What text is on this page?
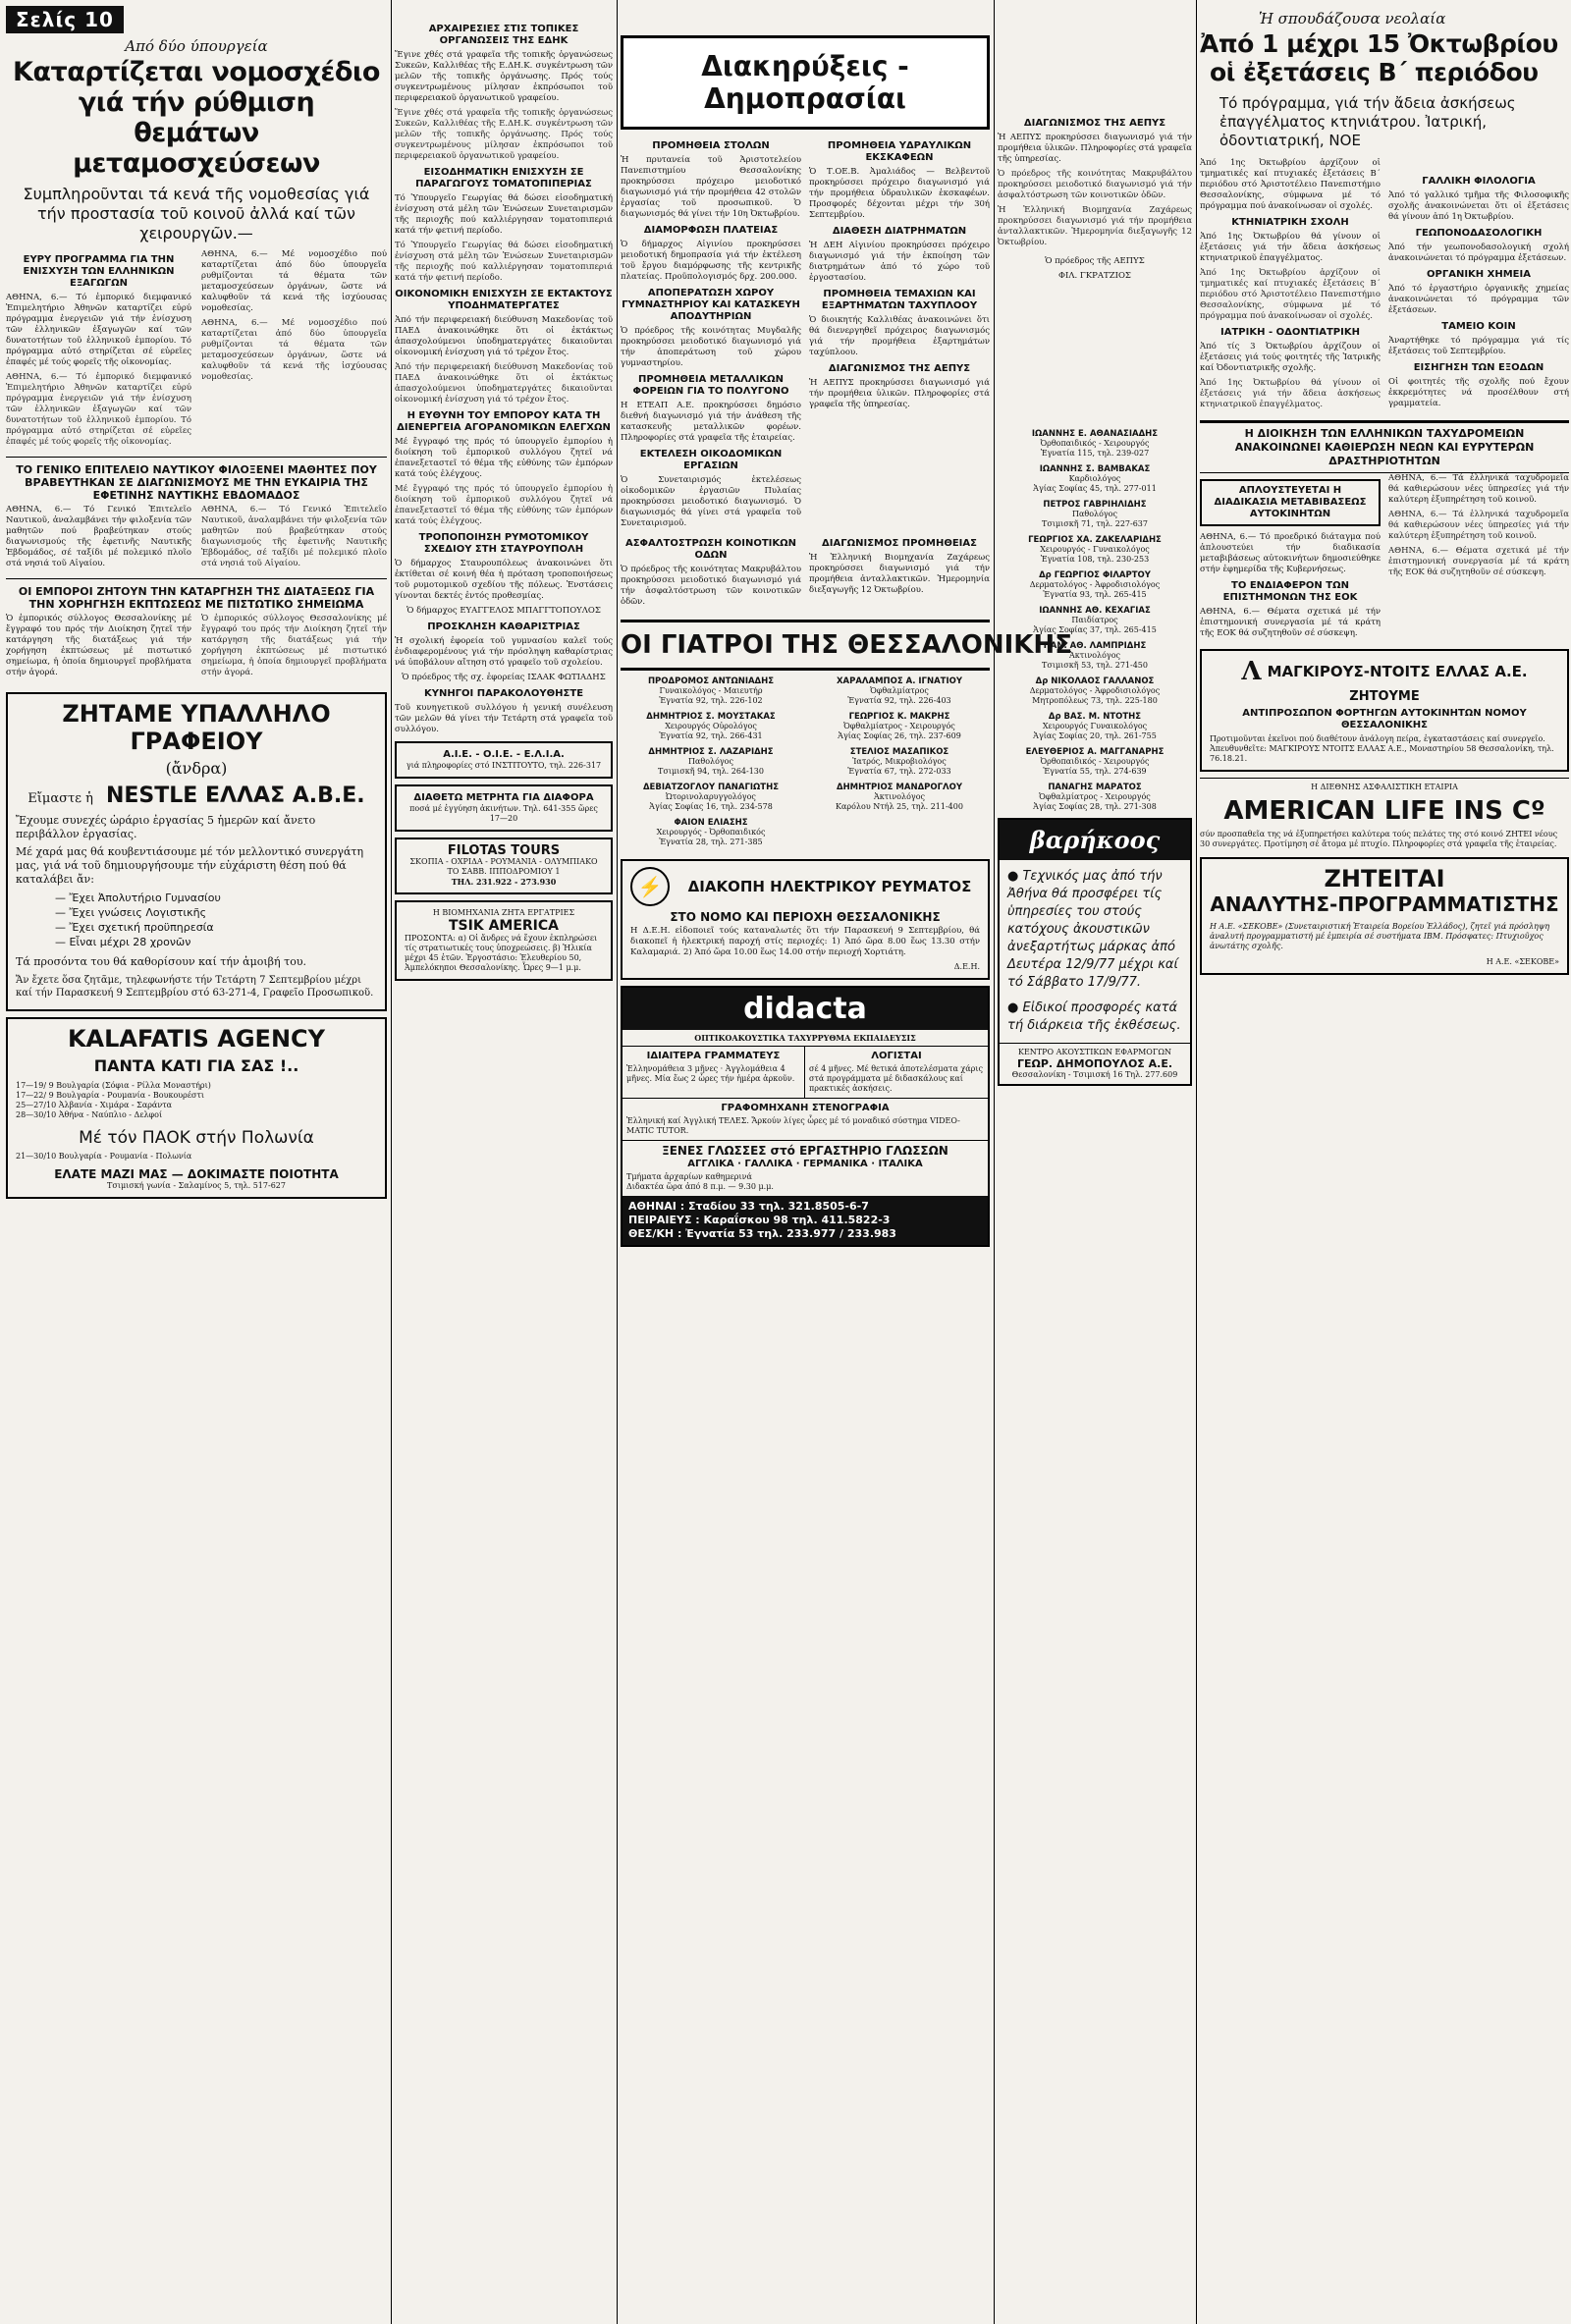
Σελίς 10
Από δύο ύπουργεία
Καταρτίζεται νομοσχέδιο
γιά τήν ρύθμιση
θεμάτων μεταμοσχεύσεων
Συμπληροῦνται τά κενά τῆς νομοθεσίας γιά τήν προστασία τοῦ κοινοῦ ἀλλά καί τῶν χειρουργῶν.—
ΕΥΡΥ ΠΡΟΓΡΑΜΜΑ ΓΙΑ ΤΗΝ ΕΝΙΣΧΥΣΗ ΤΩΝ ΕΛΛΗΝΙΚΩΝ ΕΞΑΓΩΓΩΝ

ΑΘΗΝΑ, 6.— Τό ἐμπορικό διεμφανικό Ἐπιμελητήριο Ἀθηνῶν καταρτίζει εὐρύ πρόγραμμα ἐνεργειῶν γιά τήν ἐνίσχυση τῶν ἐλληνικῶν ἐξαγωγῶν καί τῶν δυνατοτήτων τοῦ ἑλληνικοῦ ἐμπορίου. Τό πρόγραμμα αὐτό στηρίζεται σέ εὐρεῖες ἐπαφές μέ τούς φορεῖς τῆς οἰκονομίας.

ΑΘΗΝΑ, 6.— Τό ἐμπορικό διεμφανικό Ἐπιμελητήριο Ἀθηνῶν καταρτίζει εὐρύ πρόγραμμα ἐνεργειῶν γιά τήν ἐνίσχυση τῶν ἐλληνικῶν ἐξαγωγῶν καί τῶν δυνατοτήτων τοῦ ἑλληνικοῦ ἐμπορίου. Τό πρόγραμμα αὐτό στηρίζεται σέ εὐρεῖες ἐπαφές μέ τούς φορεῖς τῆς οἰκονομίας.

ΑΘΗΝΑ, 6.— Μέ νομοσχέδιο πού καταρτίζεται ἀπό δύο ὑπουργεῖα ρυθμίζονται τά θέματα τῶν μεταμοσχεύσεων ὀργάνων, ὥστε νά καλυφθοῦν τά κενά τῆς ἰσχύουσας νομοθεσίας.

ΑΘΗΝΑ, 6.— Μέ νομοσχέδιο πού καταρτίζεται ἀπό δύο ὑπουργεῖα ρυθμίζονται τά θέματα τῶν μεταμοσχεύσεων ὀργάνων, ὥστε νά καλυφθοῦν τά κενά τῆς ἰσχύουσας νομοθεσίας.

ΤΟ ΓΕΝΙΚΟ ΕΠΙΤΕΛΕΙΟ ΝΑΥΤΙΚΟΥ ΦΙΛΟΞΕΝΕΙ ΜΑΘΗΤΕΣ ΠΟΥ ΒΡΑΒΕΥΤΗΚΑΝ ΣΕ ΔΙΑΓΩΝΙΣΜΟΥΣ ΜΕ ΤΗΝ ΕΥΚΑΙΡΙΑ ΤΗΣ ΕΦΕΤΙΝΗΣ ΝΑΥΤΙΚΗΣ ΕΒΔΟΜΑΔΟΣ

ΑΘΗΝΑ, 6.— Τό Γενικό Ἐπιτελεῖο Ναυτικοῦ, ἀναλαμβάνει τήν φιλοξενία τῶν μαθητῶν πού βραβεύτηκαν στούς διαγωνισμούς τῆς ἐφετινῆς Ναυτικῆς Ἑβδομάδος, σέ ταξίδι μέ πολεμικό πλοῖο στά νησιά τοῦ Αἰγαίου.

ΑΘΗΝΑ, 6.— Τό Γενικό Ἐπιτελεῖο Ναυτικοῦ, ἀναλαμβάνει τήν φιλοξενία τῶν μαθητῶν πού βραβεύτηκαν στούς διαγωνισμούς τῆς ἐφετινῆς Ναυτικῆς Ἑβδομάδος, σέ ταξίδι μέ πολεμικό πλοῖο στά νησιά τοῦ Αἰγαίου.

ΟΙ ΕΜΠΟΡΟΙ ΖΗΤΟΥΝ ΤΗΝ ΚΑΤΑΡΓΗΣΗ ΤΗΣ ΔΙΑΤΑΞΕΩΣ ΓΙΑ ΤΗΝ ΧΟΡΗΓΗΣΗ ΕΚΠΤΩΣΕΩΣ ΜΕ ΠΙΣΤΩΤΙΚΟ ΣΗΜΕΙΩΜΑ

Ὁ ἐμπορικός σύλλογος Θεσσαλονίκης μέ ἔγγραφό του πρός τήν Διοίκηση ζητεῖ τήν κατάργηση τῆς διατάξεως γιά τήν χορήγηση ἐκπτώσεως μέ πιστωτικό σημείωμα, ἡ ὁποία δημιουργεῖ προβλήματα στήν ἀγορά.

Ὁ ἐμπορικός σύλλογος Θεσσαλονίκης μέ ἔγγραφό του πρός τήν Διοίκηση ζητεῖ τήν κατάργηση τῆς διατάξεως γιά τήν χορήγηση ἐκπτώσεως μέ πιστωτικό σημείωμα, ἡ ὁποία δημιουργεῖ προβλήματα στήν ἀγορά.

ΖΗΤΑΜΕ ΥΠΑΛΛΗΛΟ ΓΡΑΦΕΙΟΥ
(ἄνδρα)
Εἴμαστε ἡ NESTLE ΕΛΛΑΣ Α.Β.Ε.

Ἔχουμε συνεχές ὡράριο ἐργασίας 5 ἡμερῶν καί ἄνετο περιβάλλον ἐργασίας.

Μέ χαρά μας θά κουβεντιάσουμε μέ τόν μελλοντικό συνεργάτη μας, γιά νά τοῦ δημιουργήσουμε τήν εὐχάριστη θέση πού θά καταλάβει ἄν:

— Ἔχει Ἀπολυτήριο Γυμνασίου
— Ἔχει γνώσεις Λογιστικῆς
— Ἔχει σχετική προϋπηρεσία
— Εἶναι μέχρι 28 χρονῶν

Τά προσόντα του θά καθορίσουν καί τήν ἀμοιβή του.

Ἄν ἔχετε ὅσα ζητᾶμε, τηλεφωνήστε τήν Τετάρτη 7 Σεπτεμβρίου μέχρι καί τήν Παρασκευή 9 Σεπτεμβρίου στό 63-271-4, Γραφεῖο Προσωπικοῦ.

KALAFATIS AGENCY
ΠΑΝΤΑ ΚΑΤΙ ΓΙΑ ΣΑΣ !..
17—19/ 9 Βουλγαρία (Σόφια - Ρίλλα Μοναστήρι)
17—22/ 9 Βουλγαρία - Ρουμανία - Βουκουρέστι
25—27/10 Ἀλβανία - Χιμάρα - Σαράντα
28—30/10 Ἀθήνα - Ναύπλιο - Δελφοί
Μέ τόν ΠΑΟΚ στήν Πολωνία
21—30/10 Βουλγαρία - Ρουμανία - Πολωνία
ΕΛΑΤΕ ΜΑΖΙ ΜΑΣ — ΔΟΚΙΜΑΣΤΕ ΠΟΙΟΤΗΤΑ
Τσιμισκή γωνία - Σαλαμίνος 5, τηλ. 517-627
ΑΡΧΑΙΡΕΣΙΕΣ ΣΤΙΣ ΤΟΠΙΚΕΣ ΟΡΓΑΝΩΣΕΙΣ ΤΗΣ ΕΔΗΚ

Ἔγινε χθές στά γραφεῖα τῆς τοπικῆς ὀργανώσεως Συκεῶν, Καλλιθέας τῆς Ε.ΔΗ.Κ. συγκέντρωση τῶν μελῶν τῆς τοπικῆς ὀργάνωσης. Πρός τούς συγκεντρωμένους μίλησαν ἐκπρόσωποι τοῦ περιφερειακοῦ ὀργανωτικοῦ γραφείου.

Ἔγινε χθές στά γραφεῖα τῆς τοπικῆς ὀργανώσεως Συκεῶν, Καλλιθέας τῆς Ε.ΔΗ.Κ. συγκέντρωση τῶν μελῶν τῆς τοπικῆς ὀργάνωσης. Πρός τούς συγκεντρωμένους μίλησαν ἐκπρόσωποι τοῦ περιφερειακοῦ ὀργανωτικοῦ γραφείου.

ΕΙΣΟΔΗΜΑΤΙΚΗ ΕΝΙΣΧΥΣΗ ΣΕ ΠΑΡΑΓΩΓΟΥΣ ΤΟΜΑΤΟΠΙΠΕΡΙΑΣ

Τό Ὑπουργεῖο Γεωργίας θά δώσει εἰσοδηματική ἐνίσχυση στά μέλη τῶν Ἑνώσεων Συνεταιρισμῶν τῆς περιοχῆς πού καλλιέργησαν τοματοπιπεριά κατά τήν φετινή περίοδο.

Τό Ὑπουργεῖο Γεωργίας θά δώσει εἰσοδηματική ἐνίσχυση στά μέλη τῶν Ἑνώσεων Συνεταιρισμῶν τῆς περιοχῆς πού καλλιέργησαν τοματοπιπεριά κατά τήν φετινή περίοδο.

ΟΙΚΟΝΟΜΙΚΗ ΕΝΙΣΧΥΣΗ ΣΕ ΕΚΤΑΚΤΟΥΣ ΥΠΟΔΗΜΑΤΕΡΓΑΤΕΣ

Ἀπό τήν περιφερειακή διεύθυνση Μακεδονίας τοῦ ΠΑΕΔ ἀνακοινώθηκε ὅτι οἱ ἐκτάκτως ἀπασχολούμενοι ὑποδηματεργάτες δικαιοῦνται οἰκονομική ἐνίσχυση γιά τό τρέχον ἔτος.

Ἀπό τήν περιφερειακή διεύθυνση Μακεδονίας τοῦ ΠΑΕΔ ἀνακοινώθηκε ὅτι οἱ ἐκτάκτως ἀπασχολούμενοι ὑποδηματεργάτες δικαιοῦνται οἰκονομική ἐνίσχυση γιά τό τρέχον ἔτος.

Η ΕΥΘΥΝΗ ΤΟΥ ΕΜΠΟΡΟΥ ΚΑΤΑ ΤΗ ΔΙΕΝΕΡΓΕΙΑ ΑΓΟΡΑΝΟΜΙΚΩΝ ΕΛΕΓΧΩΝ

Μέ ἔγγραφό της πρός τό ὑπουργεῖο ἐμπορίου ἡ διοίκηση τοῦ ἐμπορικοῦ συλλόγου ζητεῖ νά ἐπανεξεταστεῖ τό θέμα τῆς εὐθύνης τῶν ἐμπόρων κατά τούς ἐλέγχους.

Μέ ἔγγραφό της πρός τό ὑπουργεῖο ἐμπορίου ἡ διοίκηση τοῦ ἐμπορικοῦ συλλόγου ζητεῖ νά ἐπανεξεταστεῖ τό θέμα τῆς εὐθύνης τῶν ἐμπόρων κατά τούς ἐλέγχους.

ΤΡΟΠΟΠΟΙΗΣΗ ΡΥΜΟΤΟΜΙΚΟΥ ΣΧΕΔΙΟΥ ΣΤΗ ΣΤΑΥΡΟΥΠΟΛΗ

Ὁ δήμαρχος Σταυρουπόλεως ἀνακοινώνει ὅτι ἐκτίθεται σέ κοινή θέα ἡ πρόταση τροποποιήσεως τοῦ ρυμοτομικοῦ σχεδίου τῆς πόλεως. Ἐνστάσεις γίνονται δεκτές ἐντός προθεσμίας.

Ὁ δήμαρχος ΕΥΑΓΓΕΛΟΣ ΜΠΑΓΓΤΟΠΟΥΛΟΣ

ΠΡΟΣΚΛΗΣΗ ΚΑΘΑΡΙΣΤΡΙΑΣ

Ἡ σχολική ἐφορεία τοῦ γυμνασίου καλεῖ τούς ἐνδιαφερομένους γιά τήν πρόσληψη καθαρίστριας νά ὑποβάλουν αἴτηση στό γραφεῖο τοῦ σχολείου.

Ὁ πρόεδρος τῆς σχ. ἐφορείας ΙΣΑΑΚ ΦΩΤΙΑΔΗΣ

ΚΥΝΗΓΟΙ ΠΑΡΑΚΟΛΟΥΘΗΣΤΕ

Τοῦ κυνηγετικοῦ συλλόγου ἡ γενική συνέλευση τῶν μελῶν θά γίνει τήν Τετάρτη στά γραφεῖα τοῦ συλλόγου.

Α.Ι.Ε. - Ο.Ι.Ε. - Ε.Λ.Ι.Α.
γιά πληροφορίες στό ΙΝΣΤΙΤΟΥΤΟ, τηλ. 226-317
ΔΙΑΘΕΤΩ ΜΕΤΡΗΤΑ ΓΙΑ ΔΙΑΦΟΡΑ
ποσά μέ ἐγγύηση ἀκινήτων. Τηλ. 641-355 ὥρες 17—20
FILOTAS TOURS
ΣΚΟΠΙΑ - ΟΧΡΙΔΑ - ΡΟΥΜΑΝΙΑ - ΟΛΥΜΠΙΑΚΟ ΤΟ ΣΑΒΒ. ΙΠΠΟΔΡΟΜΙΟΥ 1
ΤΗΛ. 231.922 - 273.930
Η ΒΙΟΜΗΧΑΝΙΑ ΖΗΤΑ ΕΡΓΑΤΡΙΕΣ
TSIK AMERICA
ΠΡΟΣΟΝΤΑ: α) Οἱ ἄνδρες νά ἔχουν ἐκπληρώσει τίς στρατιωτικές τους ὑποχρεώσεις. β) Ἡλικία μέχρι 45 ἐτῶν. Ἐργοστάσιο: Ἐλευθερίου 50, Ἀμπελόκηποι Θεσσαλονίκης. Ὧρες 9—1 μ.μ.
Διακηρύξεις - Δημοπρασίαι
ΠΡΟΜΗΘΕΙΑ ΣΤΟΛΩΝ

Ἡ πρυτανεία τοῦ Ἀριστοτελείου Πανεπιστημίου Θεσσαλονίκης προκηρύσσει πρόχειρο μειοδοτικό διαγωνισμό γιά τήν προμήθεια 42 στολῶν ἐργασίας τοῦ προσωπικοῦ. Ὁ διαγωνισμός θά γίνει τήν 10η Ὀκτωβρίου.

ΔΙΑΜΟΡΦΩΣΗ ΠΛΑΤΕΙΑΣ

Ὁ δήμαρχος Αἰγινίου προκηρύσσει μειοδοτική δημοπρασία γιά τήν ἐκτέλεση τοῦ ἔργου διαμόρφωσης τῆς κεντρικῆς πλατείας. Προϋπολογισμός δρχ. 200.000.

ΑΠΟΠΕΡΑΤΩΣΗ ΧΩΡΟΥ ΓΥΜΝΑΣΤΗΡΙΟΥ ΚΑΙ ΚΑΤΑΣΚΕΥΗ ΑΠΟΔΥΤΗΡΙΩΝ

Ὁ πρόεδρος τῆς κοινότητας Μυγδαλῆς προκηρύσσει μειοδοτικό διαγωνισμό γιά τήν ἀποπεράτωση τοῦ χώρου γυμναστηρίου.

ΠΡΟΜΗΘΕΙΑ ΜΕΤΑΛΛΙΚΩΝ ΦΟΡΕΙΩΝ ΓΙΑ ΤΟ ΠΟΛΥΓΟΝΟ

Η ΕΤΕΑΠ Α.Ε. προκηρύσσει δημόσιο διεθνή διαγωνισμό γιά τήν ἀνάθεση τῆς κατασκευῆς μεταλλικῶν φορέων. Πληροφορίες στά γραφεῖα τῆς ἑταιρείας.

ΕΚΤΕΛΕΣΗ ΟΙΚΟΔΟΜΙΚΩΝ ΕΡΓΑΣΙΩΝ

Ὁ Συνεταιρισμός ἐκτελέσεως οἰκοδομικῶν ἐργασιῶν Πυλαίας προκηρύσσει μειοδοτικό διαγωνισμό. Ὁ διαγωνισμός θά γίνει στά γραφεῖα τοῦ Συνεταιρισμοῦ.

ΠΡΟΜΗΘΕΙΑ ΥΔΡΑΥΛΙΚΩΝ ΕΚΣΚΑΦΕΩΝ

Ὁ Τ.ΟΕ.Β. Ἀμαλιάδος — Βελβεντοῦ προκηρύσσει πρόχειρο διαγωνισμό γιά τήν προμήθεια ὑδραυλικῶν ἐκσκαφέων. Προσφορές δέχονται μέχρι τήν 30ή Σεπτεμβρίου.

ΔΙΑΘΕΣΗ ΔΙΑΤΡΗΜΑΤΩΝ

Ἡ ΔΕΗ Αἰγινίου προκηρύσσει πρόχειρο διαγωνισμό γιά τήν ἐκποίηση τῶν διατρημάτων ἀπό τό χώρο τοῦ ἐργοστασίου.

ΠΡΟΜΗΘΕΙΑ ΤΕΜΑΧΙΩΝ ΚΑΙ ΕΞΑΡΤΗΜΑΤΩΝ ΤΑΧΥΠΛΟΟΥ

Ὁ διοικητής Καλλιθέας ἀνακοινώνει ὅτι θά διενεργηθεῖ πρόχειρος διαγωνισμός γιά τήν προμήθεια ἐξαρτημάτων ταχύπλοου.

ΔΙΑΓΩΝΙΣΜΟΣ ΤΗΣ ΑΕΠΥΣ

Ἡ ΑΕΠΥΣ προκηρύσσει διαγωνισμό γιά τήν προμήθεια ὑλικῶν. Πληροφορίες στά γραφεῖα τῆς ὑπηρεσίας.

ΑΣΦΑΛΤΟΣΤΡΩΣΗ ΚΟΙΝΟΤΙΚΩΝ ΟΔΩΝ

Ὁ πρόεδρος τῆς κοινότητας Μακρυβάλτου προκηρύσσει μειοδοτικό διαγωνισμό γιά τήν ἀσφαλτόστρωση τῶν κοινοτικῶν ὁδῶν.

ΔΙΑΓΩΝΙΣΜΟΣ ΠΡΟΜΗΘΕΙΑΣ

Ἡ Ἑλληνική Βιομηχανία Ζαχάρεως προκηρύσσει διαγωνισμό γιά τήν προμήθεια ἀνταλλακτικῶν. Ἡμερομηνία διεξαγωγῆς 12 Ὀκτωβρίου.

ΟΙ ΓΙΑΤΡΟΙ ΤΗΣ ΘΕΣΣΑΛΟΝΙΚΗΣ
ΠΡΟΔΡΟΜΟΣ ΑΝΤΩΝΙΑΔΗΣ
Γυναικολόγος - Μαιευτήρ
Ἐγνατία 92, τηλ. 226-102
ΔΗΜΗΤΡΙΟΣ Σ. ΜΟΥΣΤΑΚΑΣ
Χειρουργός Οὐρολόγος
Ἐγνατία 92, τηλ. 266-431
ΔΗΜΗΤΡΙΟΣ Σ. ΛΑΖΑΡΙΔΗΣ
Παθολόγος
Τσιμισκῆ 94, τηλ. 264-130
ΔΕΒΙΑΤΖΟΓΛΟΥ ΠΑΝΑΓΙΩΤΗΣ
Ὠτορινολαρυγγολόγος
Ἀγίας Σοφίας 16, τηλ. 234-578
ΦΑΙΟΝ ΕΛΙΑΣΗΣ
Χειρουργός - Ὀρθοπαιδικός
Ἐγνατία 28, τηλ. 271-385
ΧΑΡΑΛΑΜΠΟΣ Α. ΙΓΝΑΤΙΟΥ
Ὀφθαλμίατρος
Ἐγνατία 92, τηλ. 226-403
ΓΕΩΡΓΙΟΣ Κ. ΜΑΚΡΗΣ
Ὀφθαλμίατρος - Χειρουργός
Ἀγίας Σοφίας 26, τηλ. 237-609
ΣΤΕΛΙΟΣ ΜΑΣΑΠΙΚΟΣ
Ἰατρός, Μικροβιολόγος
Ἐγνατία 67, τηλ. 272-033
ΔΗΜΗΤΡΙΟΣ ΜΑΝΔΡΟΓΛΟΥ
Ἀκτινολόγος
Καρόλου Ντήλ 25, τηλ. 211-400
⚡	ΔΙΑΚΟΠΗ ΗΛΕΚΤΡΙΚΟΥ ΡΕΥΜΑΤΟΣ
ΣΤΟ ΝΟΜΟ ΚΑΙ ΠΕΡΙΟΧΗ ΘΕΣΣΑΛΟΝΙΚΗΣ

Η Δ.Ε.Η. εἰδοποιεῖ τούς καταναλωτές ὅτι τήν Παρασκευή 9 Σεπτεμβρίου, θά διακοπεῖ ἡ ἠλεκτρική παροχή στίς περιοχές: 1) Ἀπό ὥρα 8.00 ἕως 13.30 στήν Καλαμαριά. 2) Ἀπό ὥρα 10.00 ἕως 14.00 στήν περιοχή Χορτιάτη.

Δ.Ε.Η.
didacta
ΟΠΤΙΚΟΑΚΟΥΣΤΙΚΑ ΤΑΧΥΡΡΥΘΜΑ ΕΚΠΑΙΔΕΥΣΙΣ
ΙΔΙΑΙΤΕΡΑ ΓΡΑΜΜΑΤΕΥΣ
Ἑλληνομάθεια 3 μῆνες · Ἀγγλομάθεια 4 μῆνες. Μία ἕως 2 ὧρες τήν ἡμέρα ἀρκοῦν.
ΛΟΓΙΣΤΑΙ
σέ 4 μῆνες. Μέ θετικά ἀποτελέσματα χάρις στά προγράμματα μέ διδασκάλους καί πρακτικές ἀσκήσεις.
ΓΡΑΦΟΜΗΧΑΝΗ ΣΤΕΝΟΓΡΑΦΙΑ
Ἑλληνική καί Ἀγγλική ΤΕΛΕΣ. Ἄρκούν λίγες ὧρες μέ τό μοναδικό σύστημα VIDEO-MATIC TUTOR.
ΞΕΝΕΣ ΓΛΩΣΣΕΣ στό ΕΡΓΑΣΤΗΡΙΟ ΓΛΩΣΣΩΝ
ΑΓΓΛΙΚΑ · ΓΑΛΛΙΚΑ · ΓΕΡΜΑΝΙΚΑ · ΙΤΑΛΙΚΑ
Τμήματα ἀρχαρίων καθημερινά
Διδακτέα ὥρα ἀπό 8 π.μ. — 9.30 μ.μ.
ΑΘΗΝΑΙ : Σταδίου 33 τηλ. 321.8505-6-7
ΠΕΙΡΑΙΕΥΣ : Καραΐσκου 98 τηλ. 411.5822-3
ΘΕΣ/ΚΗ : Ἐγνατία 53 τηλ. 233.977 / 233.983
ΔΙΑΓΩΝΙΣΜΟΣ ΤΗΣ ΑΕΠΥΣ

Ἡ ΑΕΠΥΣ προκηρύσσει διαγωνισμό γιά τήν προμήθεια ὑλικῶν. Πληροφορίες στά γραφεῖα τῆς ὑπηρεσίας.

Ὁ πρόεδρος τῆς κοινότητας Μακρυβάλτου προκηρύσσει μειοδοτικό διαγωνισμό γιά τήν ἀσφαλτόστρωση τῶν κοινοτικῶν ὁδῶν.

Ἡ Ἑλληνική Βιομηχανία Ζαχάρεως προκηρύσσει διαγωνισμό γιά τήν προμήθεια ἀνταλλακτικῶν. Ἡμερομηνία διεξαγωγῆς 12 Ὀκτωβρίου.

Ὁ πρόεδρος τῆς ΑΕΠΥΣ

ΦΙΛ. ΓΚΡΑΤΖΙΟΣ

ΙΩΑΝΝΗΣ Ε. ΑΘΑΝΑΣΙΑΔΗΣ
Ὀρθοπαιδικός - Χειρουργός
Ἐγνατία 115, τηλ. 239-027
ΙΩΑΝΝΗΣ Σ. ΒΑΜΒΑΚΑΣ
Καρδιολόγος
Ἀγίας Σοφίας 45, τηλ. 277-011
ΠΕΤΡΟΣ ΓΑΒΡΙΗΛΙΔΗΣ
Παθολόγος
Τσιμισκῆ 71, τηλ. 227-637
ΓΕΩΡΓΙΟΣ ΧΑ. ΖΑΚΕΛΑΡΙΔΗΣ
Χειρουργός - Γυναικολόγος
Ἐγνατία 108, τηλ. 230-253
Δρ ΓΕΩΡΓΙΟΣ ΦΙΛΑΡΤΟΥ
Δερματολόγος - Ἀφροδισιολόγος
Ἐγνατία 93, τηλ. 265-415
ΙΩΑΝΝΗΣ ΑΘ. ΚΕΧΑΓΙΑΣ
Παιδίατρος
Ἀγίας Σοφίας 37, τηλ. 265-415
ΠΑΝ. ΑΘ. ΛΑΜΠΡΙΔΗΣ
Ἀκτινολόγος
Τσιμισκῆ 53, τηλ. 271-450
Δρ ΝΙΚΟΛΑΟΣ ΓΑΛΛΑΝΟΣ
Δερματολόγος - Ἀφροδισιολόγος
Μητροπόλεως 73, τηλ. 225-180
Δρ ΒΑΣ. Μ. ΝΤΟΤΗΣ
Χειρουργός Γυναικολόγος
Ἀγίας Σοφίας 20, τηλ. 261-755
ΕΛΕΥΘΕΡΙΟΣ Α. ΜΑΓΓΑΝΑΡΗΣ
Ὀρθοπαιδικός - Χειρουργός
Ἐγνατία 55, τηλ. 274-639
ΠΑΝΑΓΗΣ ΜΑΡΑΤΟΣ
Ὀφθαλμίατρος - Χειρουργός
Ἀγίας Σοφίας 28, τηλ. 271-308
βαρήκοος
● Τεχνικός μας ἀπό τήν Ἀθήνα θά προσφέρει τίς ὑπηρεσίες του στούς κατόχους ἀκουστικῶν ἀνεξαρτήτως μάρκας ἀπό Δευτέρα 12/9/77 μέχρι καί τό Σάββατο 17/9/77.
● Εἰδικοί προσφορές κατά τή διάρκεια τῆς ἐκθέσεως.
ΚΕΝΤΡΟ ΑΚΟΥΣΤΙΚΩΝ ΕΦΑΡΜΟΓΩΝ
ΓΕΩΡ. ΔΗΜΟΠΟΥΛΟΣ Α.Ε.
Θεσσαλονίκη - Τσιμισκή 16 Τηλ. 277.609
Ἡ σπουδάζουσα νεολαία
Ἀπό 1 μέχρι 15 Ὀκτωβρίου
οἱ ἐξετάσεις Β΄ περιόδου
Τό πρόγραμμα, γιά τήν ἄδεια ἀσκήσεως ἐπαγγέλματος κτηνιάτρου. Ἰατρική, ὀδοντιατρική, ΝΟΕ

Ἀπό 1ης Ὀκτωβρίου ἀρχίζουν οἱ τμηματικές καί πτυχιακές ἐξετάσεις Β΄ περιόδου στό Ἀριστοτέλειο Πανεπιστήμιο Θεσσαλονίκης, σύμφωνα μέ τό πρόγραμμα πού ἀνακοίνωσαν οἱ σχολές.

ΚΤΗΝΙΑΤΡΙΚΗ ΣΧΟΛΗ

Ἀπό 1ης Ὀκτωβρίου θά γίνουν οἱ ἐξετάσεις γιά τήν ἄδεια ἀσκήσεως κτηνιατρικοῦ ἐπαγγέλματος.

Ἀπό 1ης Ὀκτωβρίου ἀρχίζουν οἱ τμηματικές καί πτυχιακές ἐξετάσεις Β΄ περιόδου στό Ἀριστοτέλειο Πανεπιστήμιο Θεσσαλονίκης, σύμφωνα μέ τό πρόγραμμα πού ἀνακοίνωσαν οἱ σχολές.

ΙΑΤΡΙΚΗ - ΟΔΟΝΤΙΑΤΡΙΚΗ

Ἀπό τίς 3 Ὀκτωβρίου ἀρχίζουν οἱ ἐξετάσεις γιά τούς φοιτητές τῆς Ἰατρικῆς καί Ὀδοντιατρικῆς σχολῆς.

Ἀπό 1ης Ὀκτωβρίου θά γίνουν οἱ ἐξετάσεις γιά τήν ἄδεια ἀσκήσεως κτηνιατρικοῦ ἐπαγγέλματος.

ΓΑΛΛΙΚΗ ΦΙΛΟΛΟΓΙΑ

Ἀπό τό γαλλικό τμῆμα τῆς Φιλοσοφικῆς σχολῆς ἀνακοινώνεται ὅτι οἱ ἐξετάσεις θά γίνουν ἀπό 1η Ὀκτωβρίου.

ΓΕΩΠΟΝΟΔΑΣΟΛΟΓΙΚΗ

Ἀπό τήν γεωπονοδασολογική σχολή ἀνακοινώνεται τό πρόγραμμα ἐξετάσεων.

ΟΡΓΑΝΙΚΗ ΧΗΜΕΙΑ

Ἀπό τό ἐργαστήριο ὀργανικῆς χημείας ἀνακοινώνεται τό πρόγραμμα τῶν ἐξετάσεων.

ΤΑΜΕΙΟ ΚΟΙΝ

Ἀναρτήθηκε τό πρόγραμμα γιά τίς ἐξετάσεις τοῦ Σεπτεμβρίου.

ΕΙΣΗΓΗΣΗ ΤΩΝ ΕΞΟΔΩΝ

Οἱ φοιτητές τῆς σχολῆς πού ἔχουν ἐκκρεμότητες νά προσέλθουν στή γραμματεία.

Η ΔΙΟΙΚΗΣΗ ΤΩΝ ΕΛΛΗΝΙΚΩΝ ΤΑΧΥΔΡΟΜΕΙΩΝ ΑΝΑΚΟΙΝΩΝΕΙ ΚΑΘΙΕΡΩΣΗ ΝΕΩΝ ΚΑΙ ΕΥΡΥΤΕΡΩΝ ΔΡΑΣΤΗΡΙΟΤΗΤΩΝ
ΑΠΛΟΥΣΤΕΥΕΤΑΙ Η ΔΙΑΔΙΚΑΣΙΑ ΜΕΤΑΒΙΒΑΣΕΩΣ ΑΥΤΟΚΙΝΗΤΩΝ

ΑΘΗΝΑ, 6.— Τό προεδρικό διάταγμα πού ἀπλουστεύει τήν διαδικασία μεταβιβάσεως αὐτοκινήτων δημοσιεύθηκε στήν ἐφημερίδα τῆς Κυβερνήσεως.

ΤΟ ΕΝΔΙΑΦΕΡΟΝ ΤΩΝ ΕΠΙΣΤΗΜΟΝΩΝ ΤΗΣ ΕΟΚ

ΑΘΗΝΑ, 6.— Θέματα σχετικά μέ τήν ἐπιστημονική συνεργασία μέ τά κράτη τῆς ΕΟΚ θά συζητηθοῦν σέ σύσκεψη.

ΑΘΗΝΑ, 6.— Τά ἑλληνικά ταχυδρομεῖα θά καθιερώσουν νέες ὑπηρεσίες γιά τήν καλύτερη ἐξυπηρέτηση τοῦ κοινοῦ.

ΑΘΗΝΑ, 6.— Τά ἑλληνικά ταχυδρομεῖα θά καθιερώσουν νέες ὑπηρεσίες γιά τήν καλύτερη ἐξυπηρέτηση τοῦ κοινοῦ.

ΑΘΗΝΑ, 6.— Θέματα σχετικά μέ τήν ἐπιστημονική συνεργασία μέ τά κράτη τῆς ΕΟΚ θά συζητηθοῦν σέ σύσκεψη.

Λ ΜΑΓΚΙΡΟΥΣ-ΝΤΟΙΤΣ ΕΛΛΑΣ Α.Ε.
ΖΗΤΟΥΜΕ
ΑΝΤΙΠΡΟΣΩΠΟΝ ΦΟΡΤΗΓΩΝ ΑΥΤΟΚΙΝΗΤΩΝ ΝΟΜΟΥ ΘΕΣΣΑΛΟΝΙΚΗΣ
Προτιμοῦνται ἐκεῖνοι πού διαθέτουν ἀνάλογη πείρα, ἐγκαταστάσεις καί συνεργεῖο. Ἀπευθυνθεῖτε: ΜΑΓΚΙΡΟΥΣ ΝΤΟΙΤΣ ΕΛΛΑΣ Α.Ε., Μοναστηρίου 58 Θεσσαλονίκη, τηλ. 76.18.21.
Η ΔΙΕΘΝΗΣ ΑΣΦΑΛΙΣΤΙΚΗ ΕΤΑΙΡΙΑ
AMERICAN LIFE INS Cº
σύν προσπαθεῖα της νά ἐξυπηρετήσει καλύτερα τούς πελάτες της στό κοινό ΖΗΤΕΙ νέους 30 συνεργάτες. Προτίμηση σέ ἄτομα μέ πτυχίο. Πληροφορίες στά γραφεῖα τῆς ἑταιρείας.
ΖΗΤΕΙΤΑΙ
ΑΝΑΛΥΤΗΣ-ΠΡΟΓΡΑΜΜΑΤΙΣΤΗΣ
Η Α.Ε. «ΣΕΚΟΒΕ» (Συνεταιριστική Ἑταιρεία Βορείου Ἑλλάδος), ζητεῖ γιά πρόσληψη ἀναλυτή προγραμματιστή μέ ἐμπειρία σέ συστήματα IBM. Πρόσφατες: Πτυχιοῦχος ἀνωτάτης σχολῆς.
Η Α.Ε. «ΣΕΚΟΒΕ»
